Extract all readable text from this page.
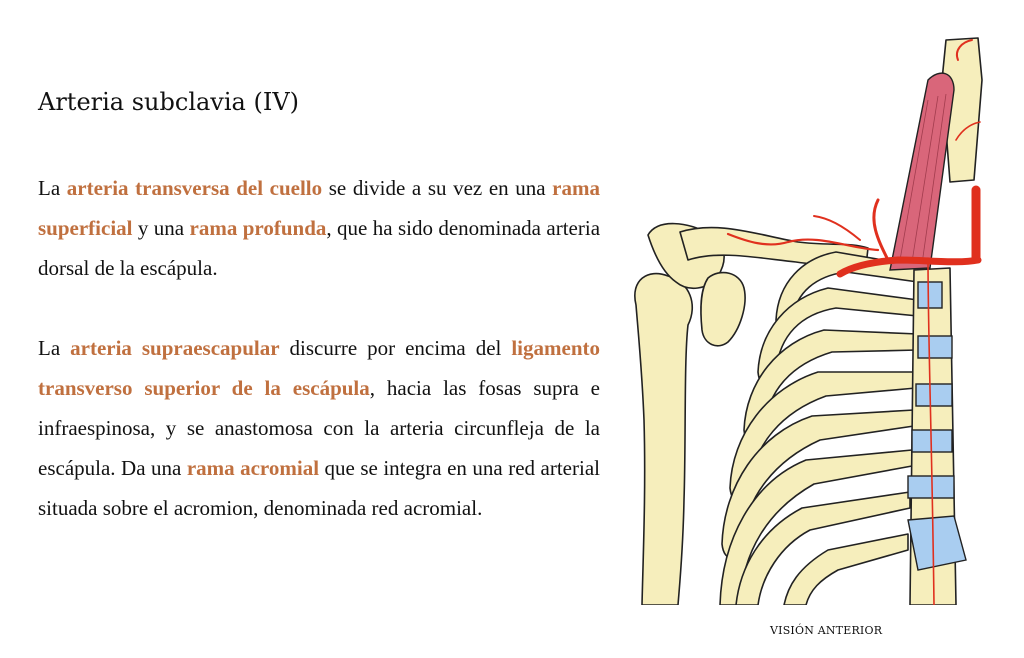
Arteria subclavia (IV)

La arteria transversa del cuello se divide a su vez en una rama superficial y una rama profunda, que ha sido denominada arteria dorsal de la escápula.

La arteria supraescapular discurre por encima del ligamento transverso superior de la escápula, hacia las fosas supra e infraespinosa, y se anastomosa con la arteria circunfleja de la escápula. Da una rama acromial que se integra en una red arterial situada sobre el acromion, denominada red acromial.

VISIÓN ANTERIOR
